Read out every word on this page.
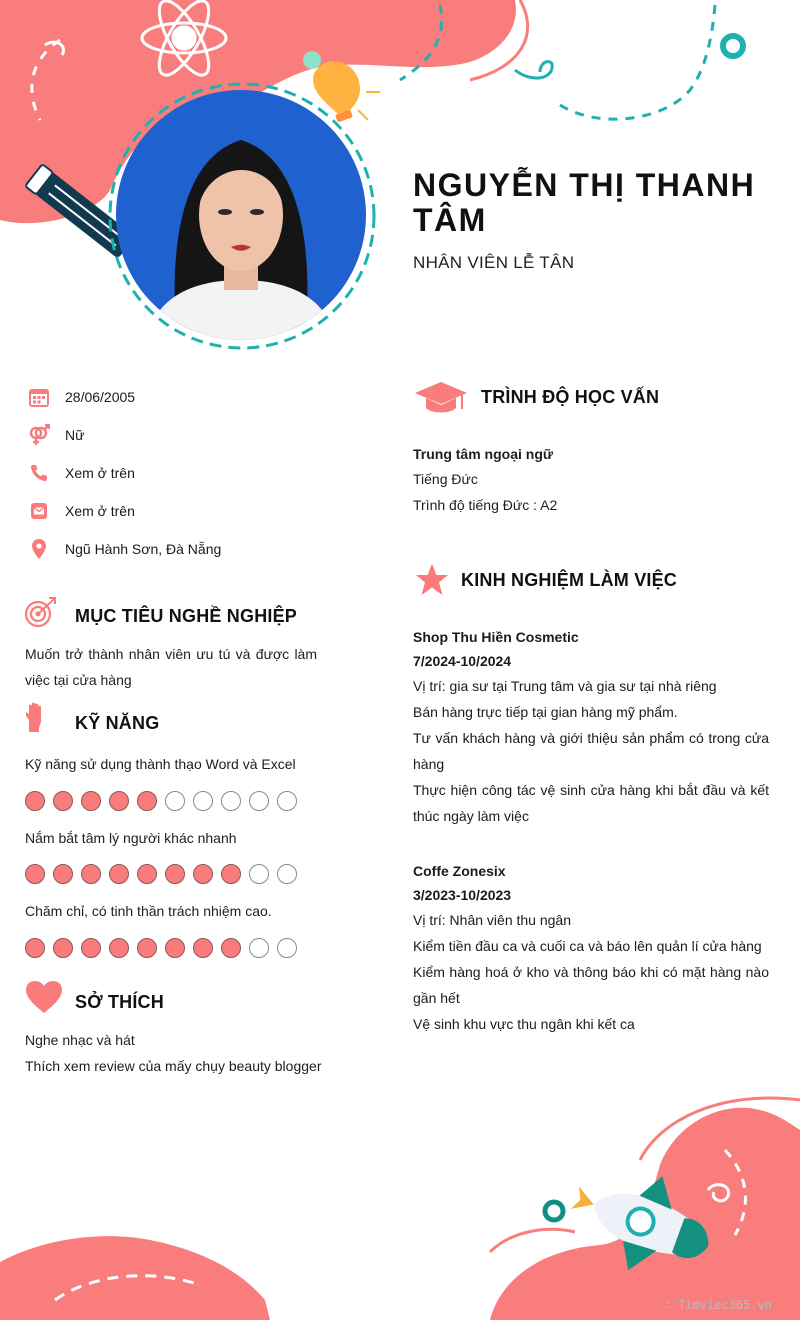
NGUYỄN THỊ THANH TÂM
NHÂN VIÊN LỄ TÂN
28/06/2005
Nữ
Xem ở trên
Xem ở trên
Ngũ Hành Sơn, Đà Nẵng
MỤC TIÊU NGHỀ NGHIỆP
Muốn trở thành nhân viên ưu tú và được làm việc tại cửa hàng
KỸ NĂNG
Kỹ năng sử dụng thành thạo Word và Excel
Nắm bắt tâm lý người khác nhanh
Chăm chỉ, có tinh thần trách nhiệm cao.
SỞ THÍCH
Nghe nhạc và hát
Thích xem review của mấy chụy beauty blogger
TRÌNH ĐỘ HỌC VẤN
Trung tâm ngoại ngữ
Tiếng Đức
Trình độ tiếng Đức : A2
KINH NGHIỆM LÀM VIỆC
Shop Thu Hiền Cosmetic
7/2024-10/2024
Vị trí: gia sư tại Trung tâm và gia sư tại nhà riêng
Bán hàng trực tiếp tại gian hàng mỹ phẩm.
Tư vấn khách hàng và giới thiệu sản phẩm có trong cửa hàng
Thực hiện công tác vệ sinh cửa hàng khi bắt đầu và kết thúc ngày làm việc
Coffe Zonesix
3/2023-10/2023
Vị trí: Nhân viên thu ngân
Kiểm tiền đầu ca và cuối ca và báo lên quản lí cửa hàng
Kiểm hàng hoá ở kho và thông báo khi có mặt hàng nào gần hết
Vệ sinh khu vực thu ngân khi kết ca
∴ Timviec365.vn
